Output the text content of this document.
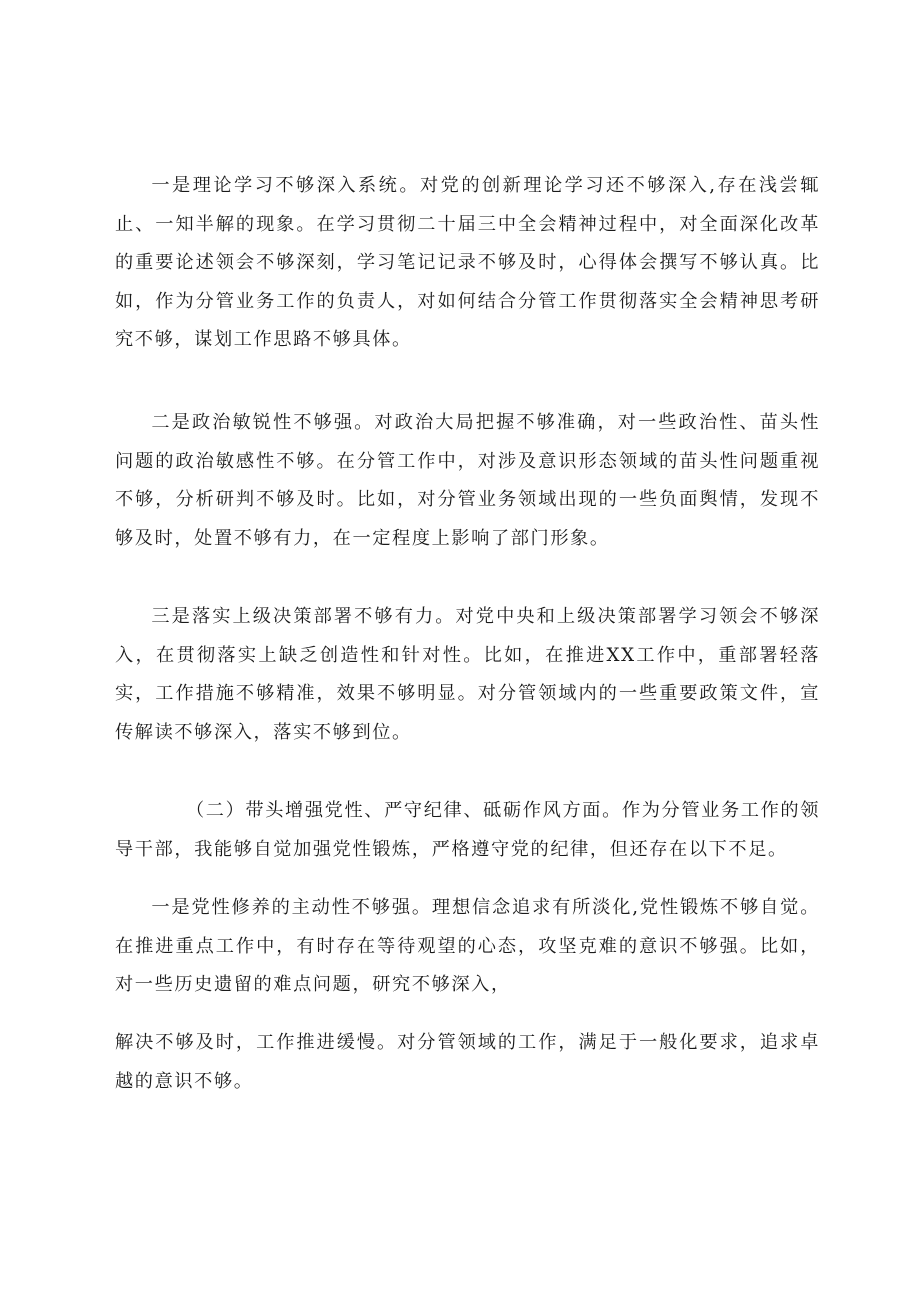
一是理论学习不够深入系统。对党的创新理论学习还不够深入,存在浅尝辄止、一知半解的现象。在学习贯彻二十届三中全会精神过程中，对全面深化改革的重要论述领会不够深刻，学习笔记记录不够及时，心得体会撰写不够认真。比如，作为分管业务工作的负责人，对如何结合分管工作贯彻落实全会精神思考研究不够，谋划工作思路不够具体。

二是政治敏锐性不够强。对政治大局把握不够准确，对一些政治性、苗头性问题的政治敏感性不够。在分管工作中，对涉及意识形态领域的苗头性问题重视不够，分析研判不够及时。比如，对分管业务领域出现的一些负面舆情，发现不够及时，处置不够有力，在一定程度上影响了部门形象。

三是落实上级决策部署不够有力。对党中央和上级决策部署学习领会不够深入，在贯彻落实上缺乏创造性和针对性。比如，在推进XX工作中，重部署轻落实，工作措施不够精准，效果不够明显。对分管领域内的一些重要政策文件，宣传解读不够深入，落实不够到位。

（二）带头增强党性、严守纪律、砥砺作风方面。作为分管业务工作的领导干部，我能够自觉加强党性锻炼，严格遵守党的纪律，但还存在以下不足。

一是党性修养的主动性不够强。理想信念追求有所淡化,党性锻炼不够自觉。在推进重点工作中，有时存在等待观望的心态，攻坚克难的意识不够强。比如，对一些历史遗留的难点问题，研究不够深入，

解决不够及时，工作推进缓慢。对分管领域的工作，满足于一般化要求，追求卓越的意识不够。
